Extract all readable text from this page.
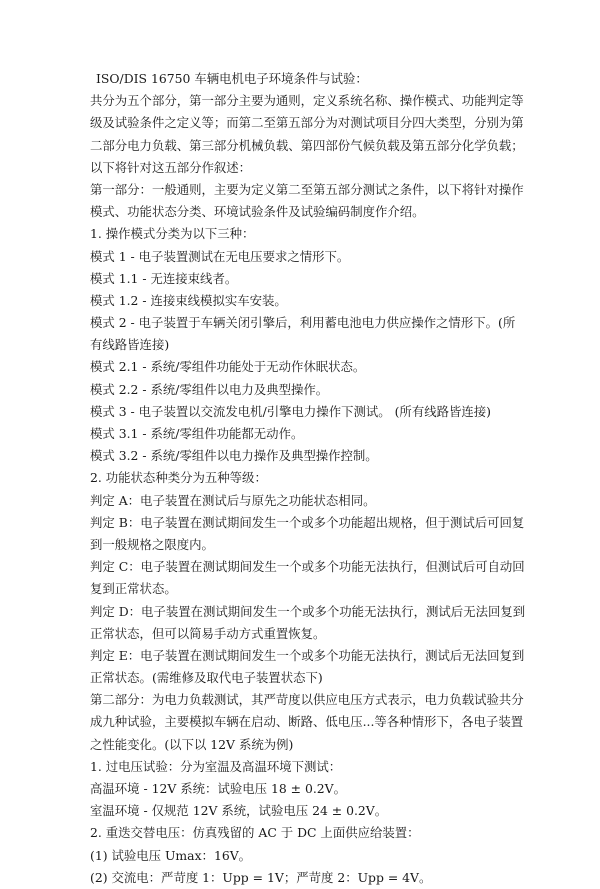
ISO/DIS 16750 车辆电机电子环境条件与试验：
共分为五个部分，第一部分主要为通则，定义系统名称、操作模式、功能判定等
级及试验条件之定义等；而第二至第五部分为对测试项目分四大类型，分别为第
二部分电力负载、第三部分机械负载、第四部份气候负载及第五部分化学负载；
以下将针对这五部分作叙述：
第一部分：一般通则，主要为定义第二至第五部分测试之条件，以下将针对操作
模式、功能状态分类、环境试验条件及试验编码制度作介绍。
1. 操作模式分类为以下三种：
模式 1 - 电子装置测试在无电压要求之情形下。
模式 1.1 - 无连接束线者。
模式 1.2 - 连接束线模拟实车安装。
模式 2 - 电子装置于车辆关闭引擎后，利用蓄电池电力供应操作之情形下。(所
有线路皆连接)
模式 2.1 - 系统/零组件功能处于无动作休眠状态。
模式 2.2 - 系统/零组件以电力及典型操作。
模式 3 - 电子装置以交流发电机/引擎电力操作下测试。 (所有线路皆连接)
模式 3.1 - 系统/零组件功能都无动作。
模式 3.2 - 系统/零组件以电力操作及典型操作控制。
2. 功能状态种类分为五种等级：
判定 A：电子装置在测试后与原先之功能状态相同。
判定 B：电子装置在测试期间发生一个或多个功能超出规格，但于测试后可回复
到一般规格之限度内。
判定 C：电子装置在测试期间发生一个或多个功能无法执行，但测试后可自动回
复到正常状态。
判定 D：电子装置在测试期间发生一个或多个功能无法执行，测试后无法回复到
正常状态，但可以简易手动方式重置恢复。
判定 E：电子装置在测试期间发生一个或多个功能无法执行，测试后无法回复到
正常状态。(需维修及取代电子装置状态下)
第二部分：为电力负载测试，其严苛度以供应电压方式表示，电力负载试验共分
成九种试验，主要模拟车辆在启动、断路、低电压...等各种情形下，各电子装置
之性能变化。(以下以 12V 系统为例)
1. 过电压试验：分为室温及高温环境下测试：
高温环境 - 12V 系统：试验电压 18 ± 0.2V。
室温环境 - 仅规范 12V 系统，试验电压 24 ± 0.2V。
2. 重迭交替电压：仿真残留的 AC 于 DC 上面供应给装置：
(1) 试验电压 Umax：16V。
(2) 交流电：严苛度 1：Upp = 1V；严苛度 2：Upp = 4V。
